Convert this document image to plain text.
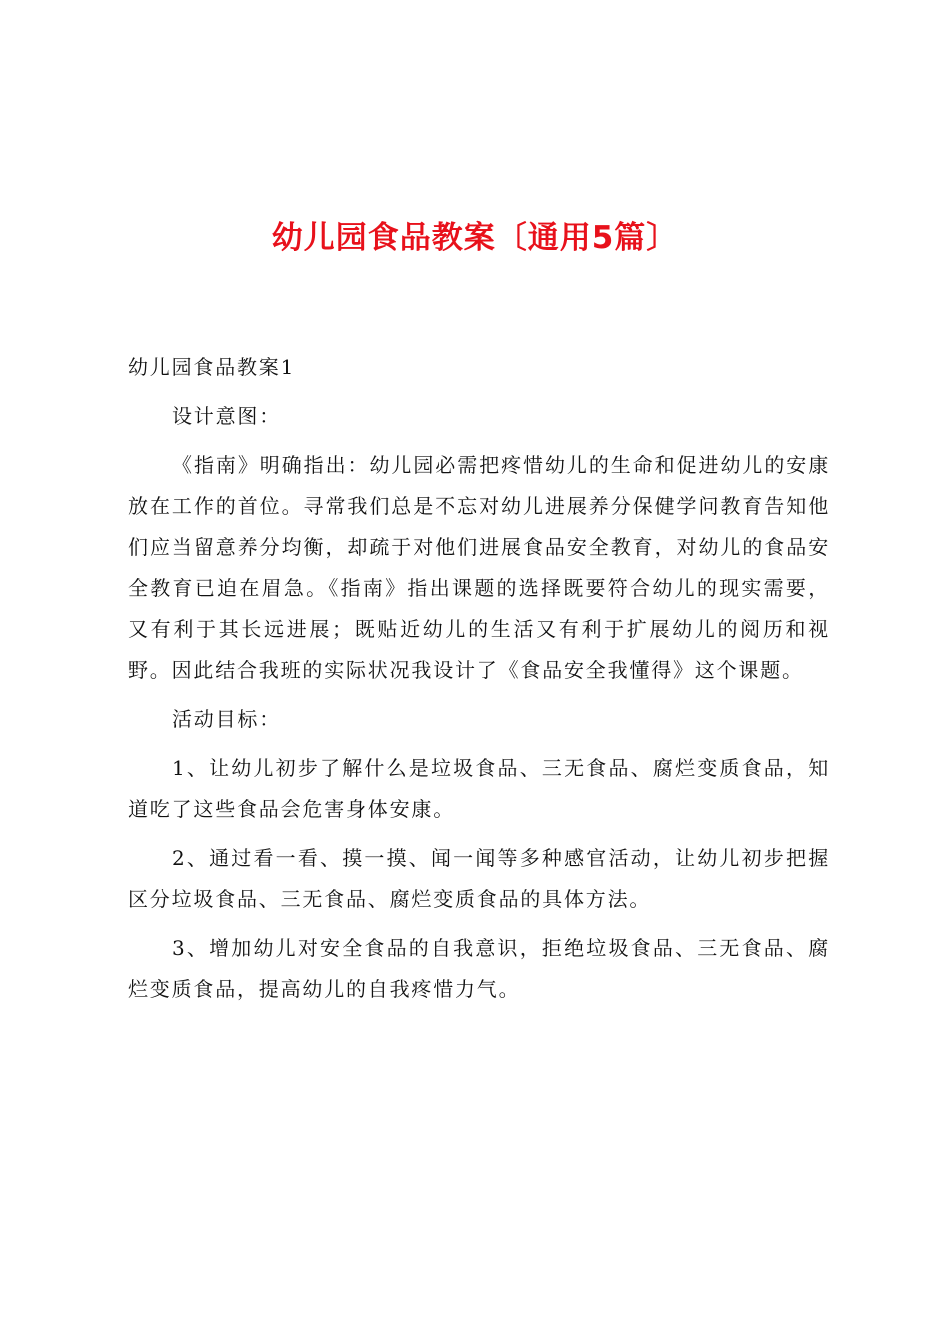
幼儿园食品教案〔通用5篇〕

幼儿园食品教案1

设计意图：

《指南》明确指出：幼儿园必需把疼惜幼儿的生命和促进幼儿的安康放在工作的首位。寻常我们总是不忘对幼儿进展养分保健学问教育告知他们应当留意养分均衡，却疏于对他们进展食品安全教育，对幼儿的食品安全教育已迫在眉急。《指南》指出课题的选择既要符合幼儿的现实需要，又有利于其长远进展；既贴近幼儿的生活又有利于扩展幼儿的阅历和视野。因此结合我班的实际状况我设计了《食品安全我懂得》这个课题。

活动目标：

1、让幼儿初步了解什么是垃圾食品、三无食品、腐烂变质食品，知道吃了这些食品会危害身体安康。

2、通过看一看、摸一摸、闻一闻等多种感官活动，让幼儿初步把握区分垃圾食品、三无食品、腐烂变质食品的具体方法。

3、增加幼儿对安全食品的自我意识，拒绝垃圾食品、三无食品、腐烂变质食品，提高幼儿的自我疼惜力气。
